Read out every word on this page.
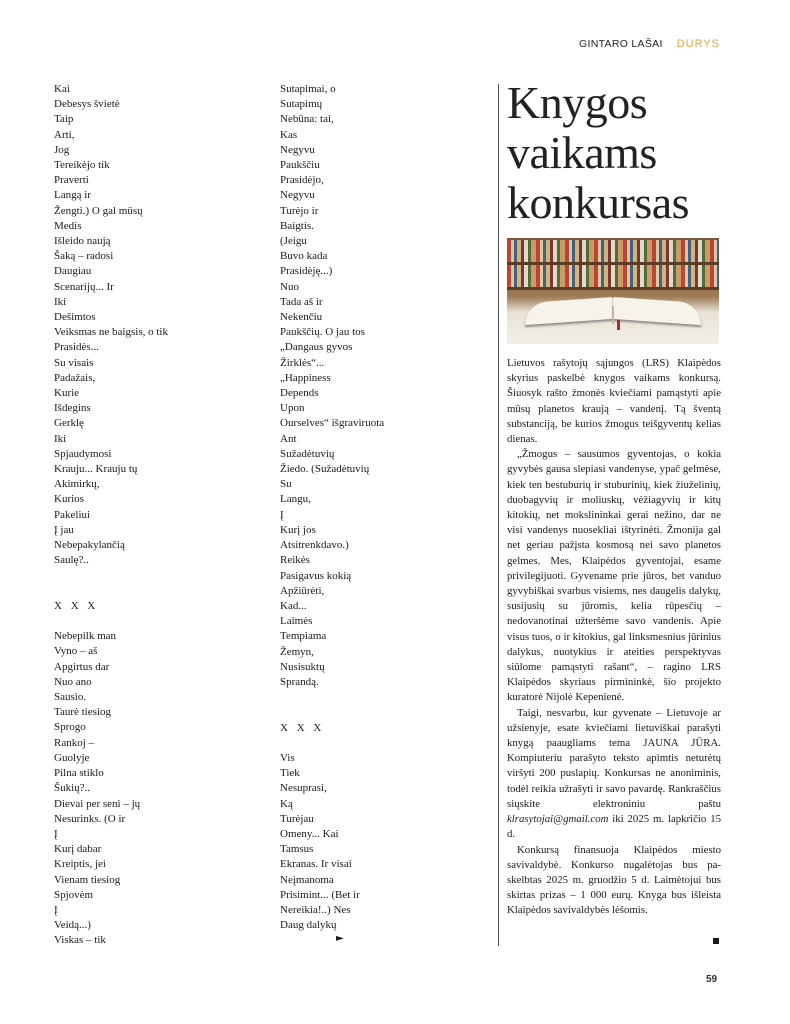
GINTARO LAŠAI DURYS
Kai
Debesys švietė
Taip
Arti,
Jog
Tereikėjo tik
Praverti
Langą ir
Žengti.) O gal mūsų
Medis
Išleido naują
Šaką – radosi
Daugiau
Scenarijų... Ir
Iki
Dešimtos
Veiksmas ne baigsis, o tik
Prasidės...
Su visais
Padažais,
Kurie
Išdegins
Gerklę
Iki
Spjaudymosi
Krauju... Krauju tų
Akimirkų,
Kurios
Pakeliui
Į jau
Nebepakylančią
Saulę?..
X X X
Nebepilk man
Vyno – aš
Apgirtus dar
Nuo ano
Sausio.
Taurė tiesiog
Sprogo
Rankoj –
Guolyje
Pilna stiklo
Šukių?..
Dievai per seni – jų
Nesurinks. (O ir
Į
Kurį dabar
Kreiptis, jei
Vienam tiesiog
Spjovėm
Į
Veidą...)
Viskas – tik
Sutapimai, o
Sutapimų
Nebūna: tai,
Kas
Negyvu
Paukščiu
Prasidėjo,
Negyvu
Turėjo ir
Baigtis.
(Jeigu
Buvo kada
Prasidėję...)
Nuo
Tada aš ir
Nekenčiu
Paukščių. O jau tos
„Dangaus gyvos
Žirklės“...
„Happiness
Depends
Upon
Ourselves“ išgraviruota
Ant
Sužadėtuvių
Žiedo. (Sužadėtuvių
Su
Langu,
Į
Kurį jos
Atsitrenkdavo.)
Reikės
Pasigavus kokią
Apžiūrėti,
Kad...
Laimės
Tempiama
Žemyn,
Nusisuktų
Sprandą.
X X X
Vis
Tiek
Nesuprasi,
Ką
Turėjau
Omeny... Kai
Tamsus
Ekranas. Ir visai
Neįmanoma
Prisimint... (Bet ir
Nereikia!..) Nes
Daug dalykų
►
Knygos
vaikams
konkursas

Lietuvos rašytojų sąjungos (LRS) Klaipėdos skyrius paskelbė knygos vaikams konkursą. Šiuosyk rašto žmonės kviečiami pamąstyti apie mūsų planetos kraują – vandenį. Tą šventą substanciją, be kurios žmogus teišgyventų kelias dienas.

„Žmogus – sausumos gyventojas, o kokia gyvybės gausa slepiasi vandenyse, ypač gelmėse, kiek ten bestuburių ir stuburinių, kiek žiuželinių, duobagyvių ir moliuskų, vėžiagyvių ir kitų kitokių, net mokslininkai gerai nežino, dar ne visi vandenys nuosekliai ištyrinėti. Žmonija gal net geriau pažįsta kosmosą nei savo planetos gelmes. Mes, Klaipėdos gyventojai, esame privilegijuoti. Gyvename prie jūros, bet vanduo gyvybiškai svarbus visiems, nes daugelis dalykų, susijusių su jūromis, kelia rūpesčių – nedovanotinai užteršėme savo vandenis. Apie visus tuos, o ir kitokius, gal linksmesnius jūrinius dalykus, nuotykius ir ateities perspektyvas siūlome pamąstyti rašant“, – ragino LRS Klaipėdos skyriaus pirmininkė, šio projekto kuratorė Nijolė Kepenienė.

Taigi, nesvarbu, kur gyvenate – Lietuvoje ar užsienyje, esate kviečiami lietuviškai parašyti knygą paaugliams tema JAUNA JŪRA. Kompiuteriu parašyto teksto apimtis neturėtų viršyti 200 puslapių. Konkursas ne anoniminis, todėl reikia užrašyti ir savo pavardę. Rankraščius siųskite elektroniniu paštu klrasytojai@gmail.com iki 2025 m. lapkričio 15 d.

Konkursą finansuoja Klaipėdos miesto savivaldybė. Konkurso nugalėtojas bus paskelbtas 2025 m. gruodžio 5 d. Laimėtojui bus skirtas prizas – 1 000 eurų. Knyga bus išleista Klaipėdos savivaldybės lėšomis.

59
